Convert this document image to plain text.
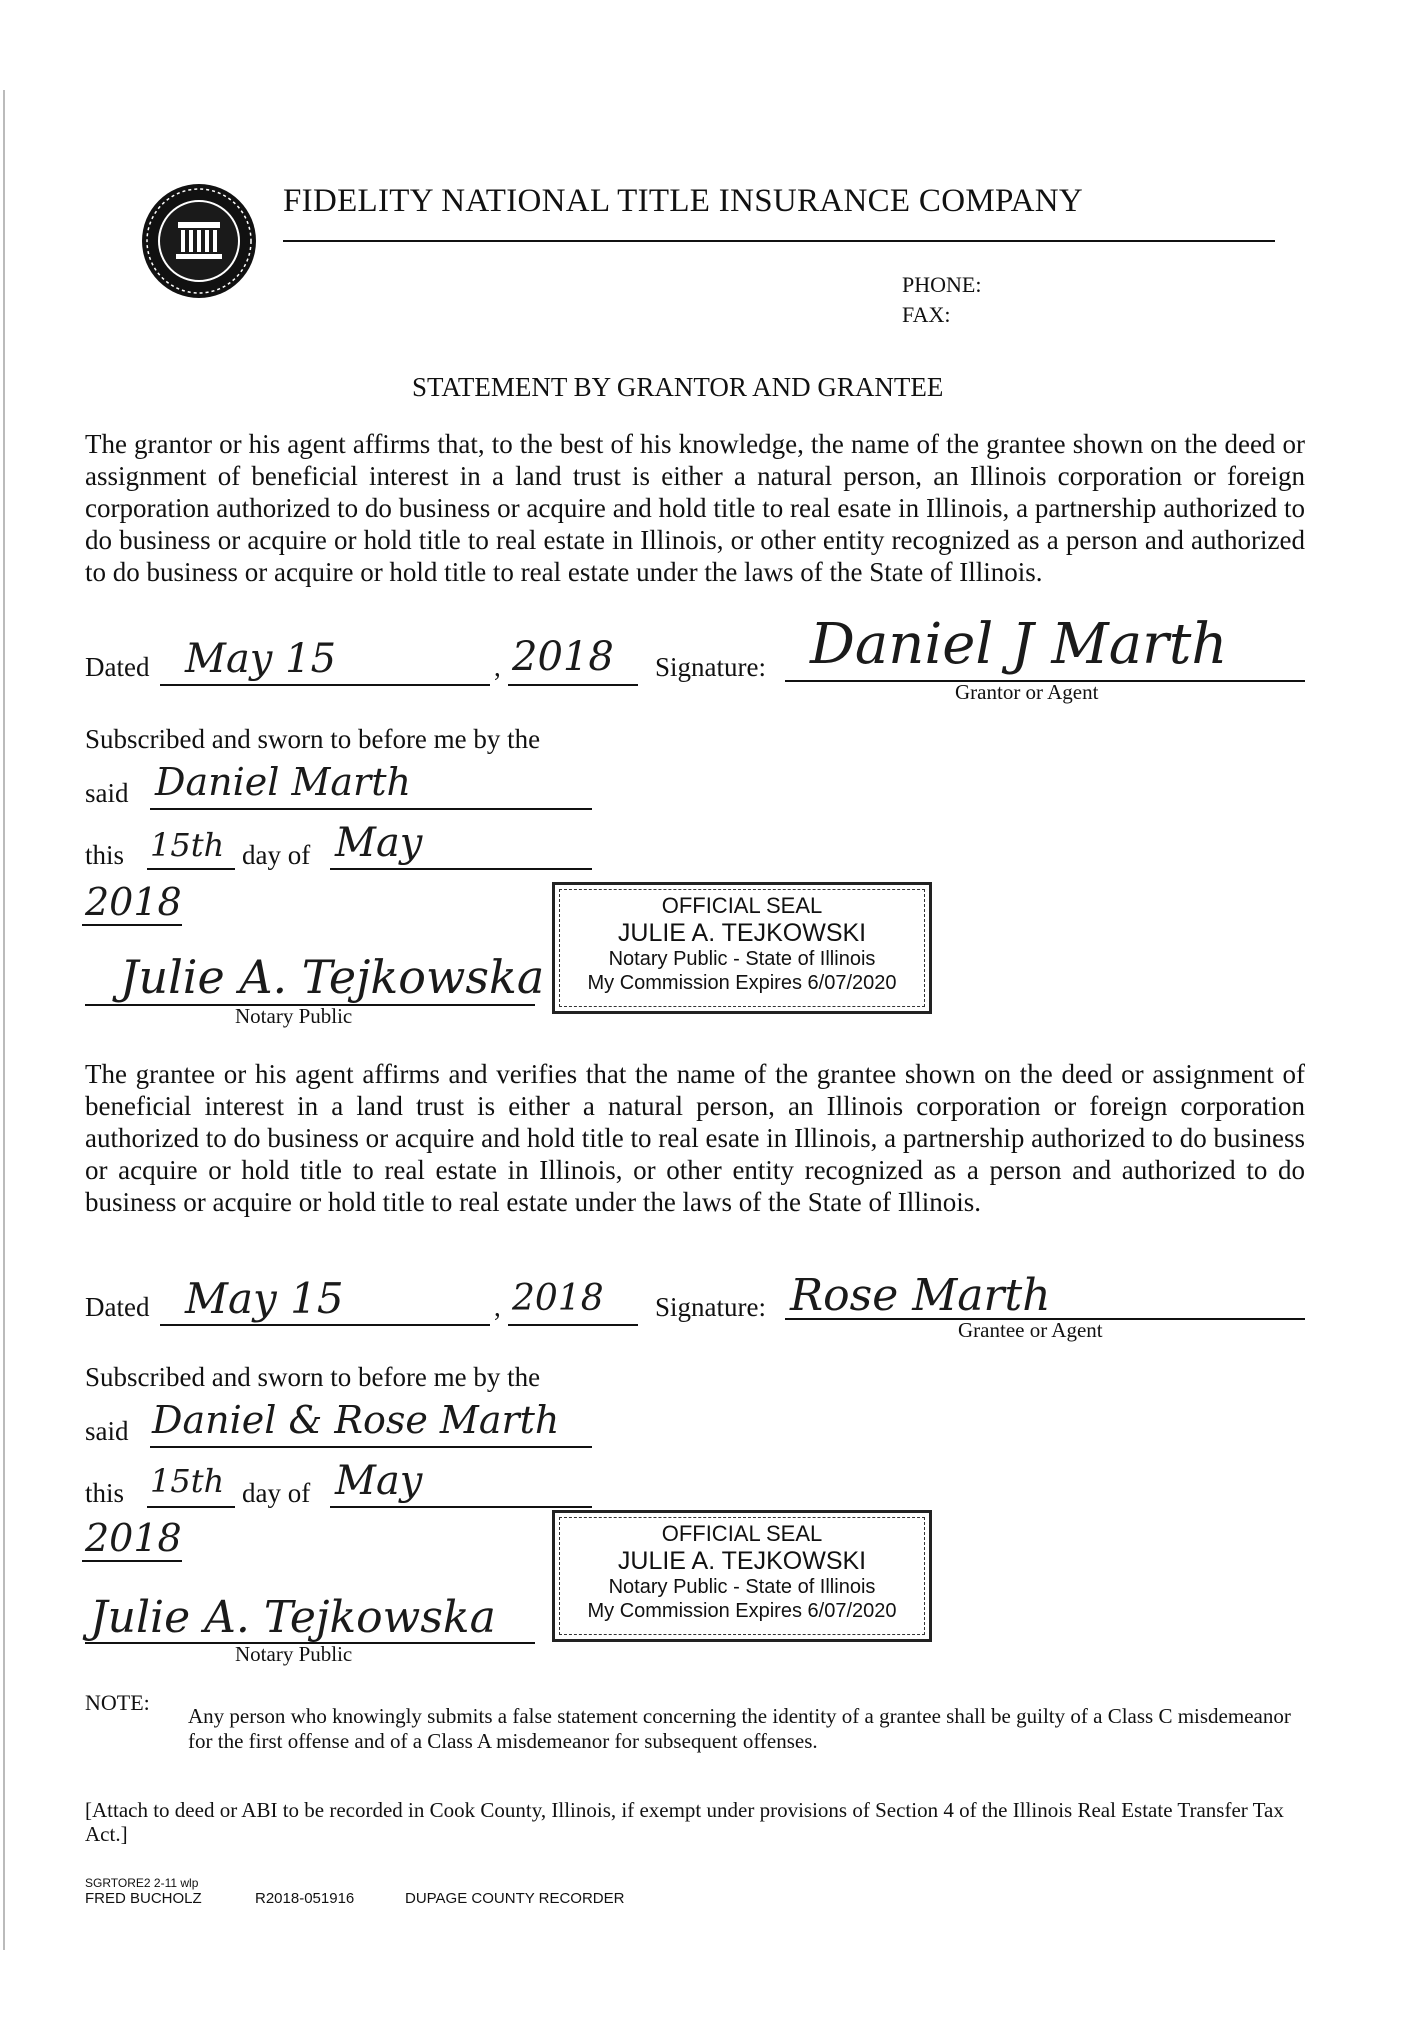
FIDELITY NATIONAL TITLE INSURANCE COMPANY
PHONE:
FAX:
STATEMENT BY GRANTOR AND GRANTEE
The grantor or his agent affirms that, to the best of his knowledge, the name of the grantee shown on the deed or assignment of beneficial interest in a land trust is either a natural person, an Illinois corporation or foreign corporation authorized to do business or acquire and hold title to real esate in Illinois, a partnership authorized to do business or acquire or hold title to real estate in Illinois, or other entity recognized as a person and authorized to do business or acquire or hold title to real estate under the laws of the State of Illinois.
Dated May 15	, 2018 Signature: Daniel J Marth
Grantor or Agent
Subscribed and sworn to before me by the
said Daniel Marth
this 15th day of May
2018
Julie A. Tejkowska
Notary Public
OFFICIAL SEAL
JULIE A. TEJKOWSKI
Notary Public - State of Illinois
My Commission Expires 6/07/2020
The grantee or his agent affirms and verifies that the name of the grantee shown on the deed or assignment of beneficial interest in a land trust is either a natural person, an Illinois corporation or foreign corporation authorized to do business or acquire and hold title to real esate in Illinois, a partnership authorized to do business or acquire or hold title to real estate in Illinois, or other entity recognized as a person and authorized to do business or acquire or hold title to real estate under the laws of the State of Illinois.
Dated May 15	, 2018 Signature: Rose Marth
Grantee or Agent
Subscribed and sworn to before me by the
said Daniel & Rose Marth
this 15th day of May
2018
Julie A. Tejkowska
Notary Public
OFFICIAL SEAL
JULIE A. TEJKOWSKI
Notary Public - State of Illinois
My Commission Expires 6/07/2020
NOTE:
Any person who knowingly submits a false statement concerning the identity of a grantee shall be guilty of a Class C misdemeanor for the first offense and of a Class A misdemeanor for subsequent offenses.
[Attach to deed or ABI to be recorded in Cook County, Illinois, if exempt under provisions of Section 4 of the Illinois Real Estate Transfer Tax Act.]
SGRTORE2 2-11 wlp
FRED BUCHOLZ	R2018-051916	DUPAGE COUNTY RECORDER
